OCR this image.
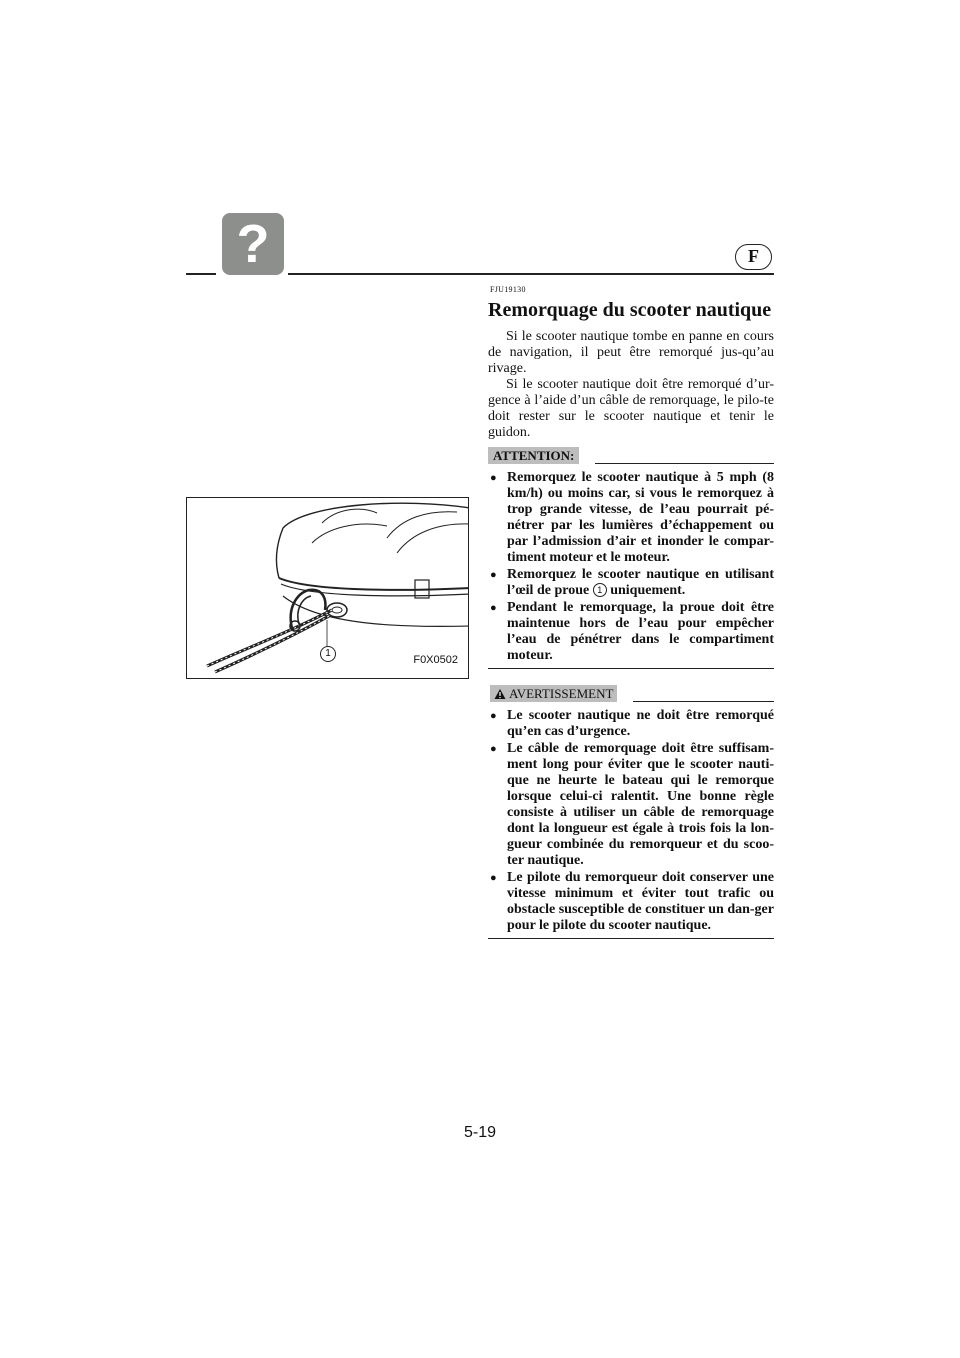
?	F
1
F0X0502
FJU19130
Remorquage du scooter nautique

Si le scooter nautique tombe en panne en cours de navigation, il peut être remorqué jus-qu’au rivage.

Si le scooter nautique doit être remorqué d’ur-gence à l’aide d’un câble de remorquage, le pilo-te doit rester sur le scooter nautique et tenir le guidon.

ATTENTION:
● Remorquez le scooter nautique à 5 mph (8 km/h) ou moins car, si vous le remorquez à trop grande vitesse, de l’eau pourrait pé-nétrer par les lumières d’échappement ou par l’admission d’air et inonder le compar-timent moteur et le moteur.
● Remorquez le scooter nautique en utilisant l’œil de proue 1 uniquement.
● Pendant le remorquage, la proue doit être maintenue hors de l’eau pour empêcher l’eau de pénétrer dans le compartiment moteur.
AVERTISSEMENT
● Le scooter nautique ne doit être remorqué qu’en cas d’urgence.
● Le câble de remorquage doit être suffisam-ment long pour éviter que le scooter nauti-que ne heurte le bateau qui le remorque lorsque celui-ci ralentit. Une bonne règle consiste à utiliser un câble de remorquage dont la longueur est égale à trois fois la lon-gueur combinée du remorqueur et du scoo-ter nautique.
● Le pilote du remorqueur doit conserver une vitesse minimum et éviter tout trafic ou obstacle susceptible de constituer un dan-ger pour le pilote du scooter nautique.
5-19
